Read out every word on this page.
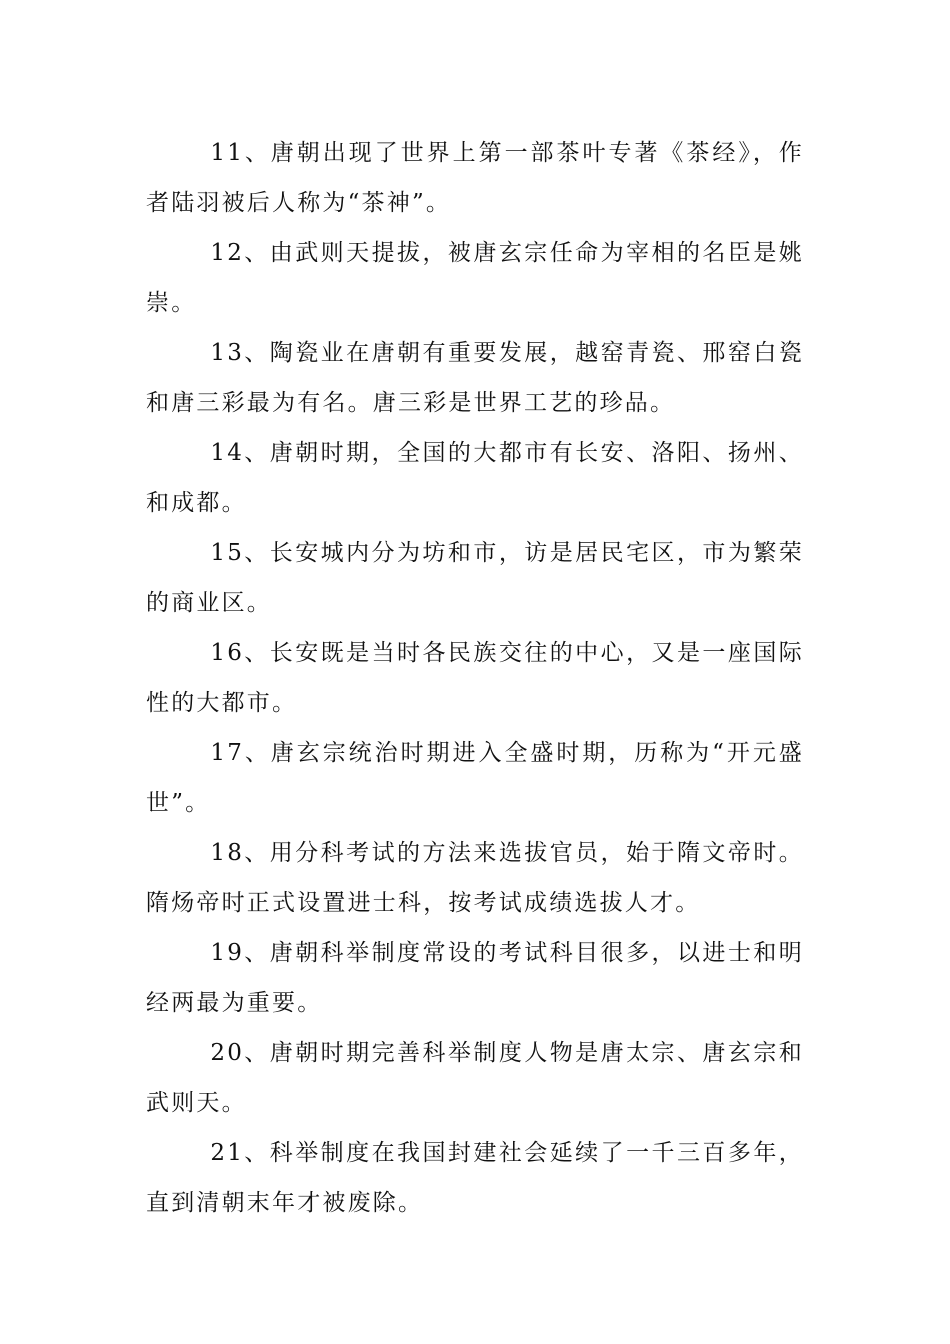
11、唐朝出现了世界上第一部茶叶专著《茶经》，作者陆羽被后人称为“茶神”。

12、由武则天提拔，被唐玄宗任命为宰相的名臣是姚崇。

13、陶瓷业在唐朝有重要发展，越窑青瓷、邢窑白瓷和唐三彩最为有名。唐三彩是世界工艺的珍品。

14、唐朝时期，全国的大都市有长安、洛阳、扬州、和成都。

15、长安城内分为坊和市，访是居民宅区，市为繁荣的商业区。

16、长安既是当时各民族交往的中心，又是一座国际性的大都市。

17、唐玄宗统治时期进入全盛时期，历称为“开元盛世”。

18、用分科考试的方法来选拔官员，始于隋文帝时。隋炀帝时正式设置进士科，按考试成绩选拔人才。

19、唐朝科举制度常设的考试科目很多，以进士和明经两最为重要。

20、唐朝时期完善科举制度人物是唐太宗、唐玄宗和武则天。

21、科举制度在我国封建社会延续了一千三百多年，直到清朝末年才被废除。
